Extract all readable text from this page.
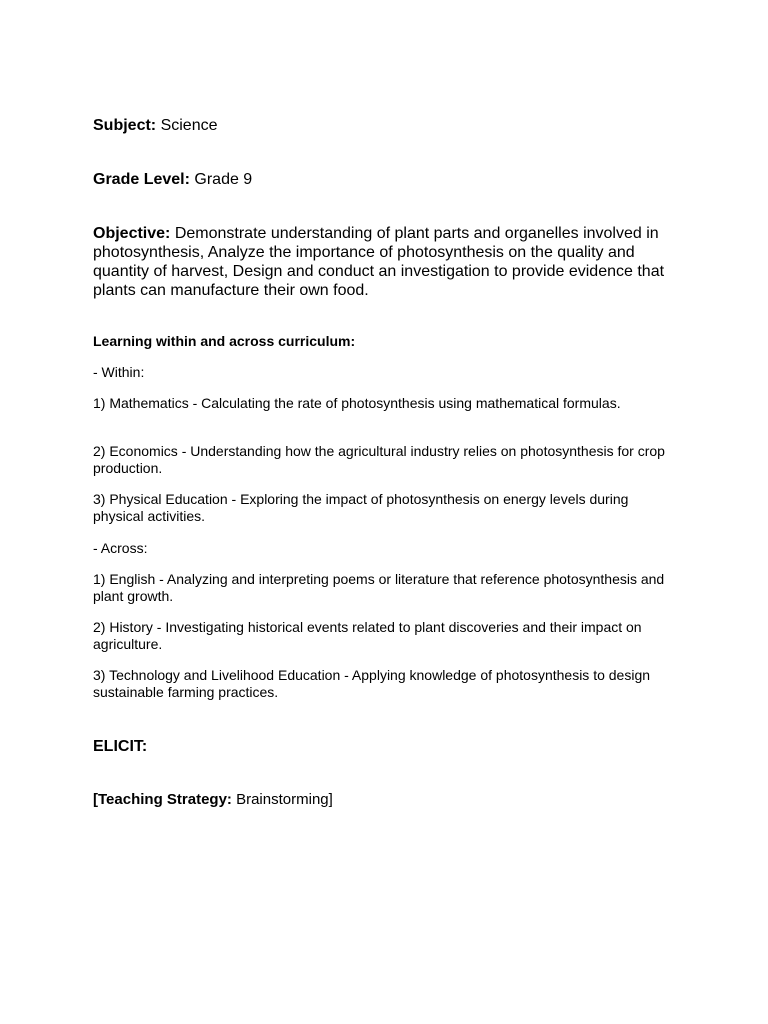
Subject: Science

Grade Level: Grade 9

Objective: Demonstrate understanding of plant parts and organelles involved in photosynthesis, Analyze the importance of photosynthesis on the quality and quantity of harvest, Design and conduct an investigation to provide evidence that plants can manufacture their own food.

Learning within and across curriculum:

- Within:

1) Mathematics - Calculating the rate of photosynthesis using mathematical formulas.

2) Economics - Understanding how the agricultural industry relies on photosynthesis for crop production.

3) Physical Education - Exploring the impact of photosynthesis on energy levels during physical activities.

- Across:

1) English - Analyzing and interpreting poems or literature that reference photosynthesis and plant growth.

2) History - Investigating historical events related to plant discoveries and their impact on agriculture.

3) Technology and Livelihood Education - Applying knowledge of photosynthesis to design sustainable farming practices.

ELICIT:

[Teaching Strategy: Brainstorming]
